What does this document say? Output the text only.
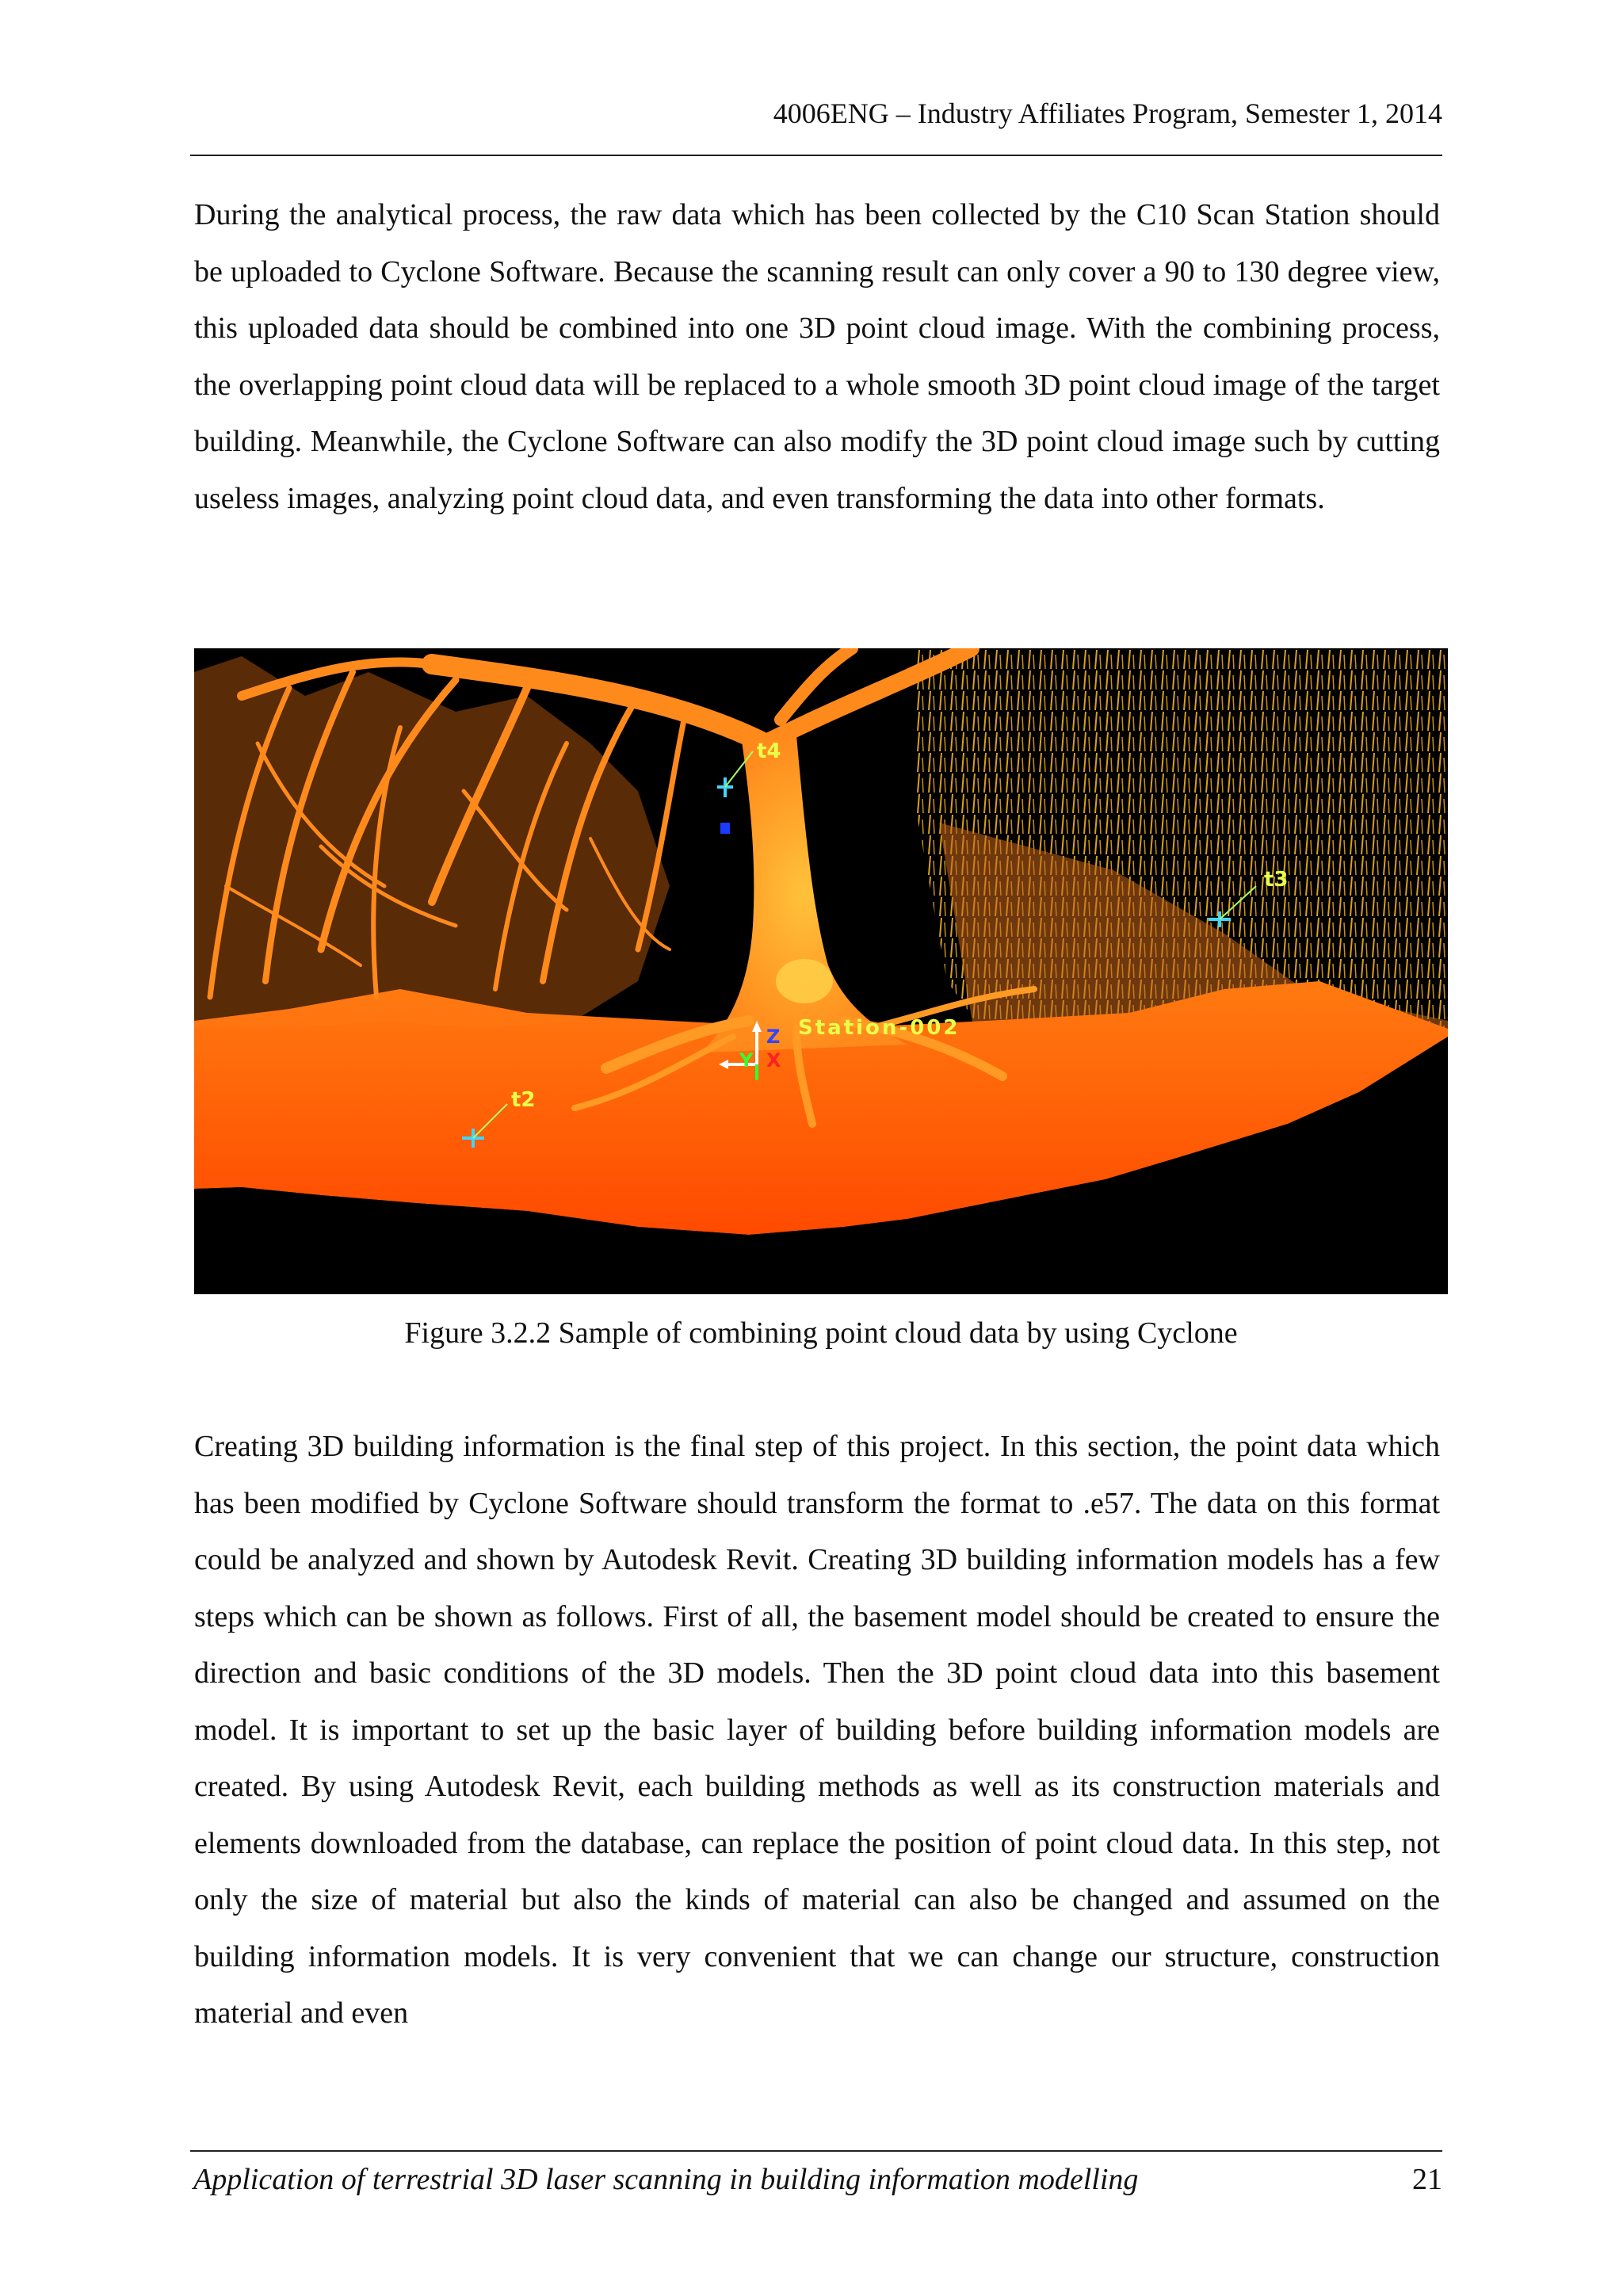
4006ENG – Industry Affiliates Program, Semester 1, 2014

During the analytical process, the raw data which has been collected by the C10 Scan Station should be uploaded to Cyclone Software. Because the scanning result can only cover a 90 to 130 degree view, this uploaded data should be combined into one 3D point cloud image. With the combining process, the overlapping point cloud data will be replaced to a whole smooth 3D point cloud image of the target building. Meanwhile, the Cyclone Software can also modify the 3D point cloud image such by cutting useless images, analyzing point cloud data, and even transforming the data into other formats.

t4
t3
t2
Z
X
Y
Station-002
Figure 3.2.2 Sample of combining point cloud data by using Cyclone

Creating 3D building information is the final step of this project. In this section, the point data which has been modified by Cyclone Software should transform the format to .e57. The data on this format could be analyzed and shown by Autodesk Revit. Creating 3D building information models has a few steps which can be shown as follows. First of all, the basement model should be created to ensure the direction and basic conditions of the 3D models. Then the 3D point cloud data into this basement model. It is important to set up the basic layer of building before building information models are created. By using Autodesk Revit, each building methods as well as its construction materials and elements downloaded from the database, can replace the position of point cloud data. In this step, not only the size of material but also the kinds of material can also be changed and assumed on the building information models. It is very convenient that we can change our structure, construction material and even

Application of terrestrial 3D laser scanning in building information modelling	21
